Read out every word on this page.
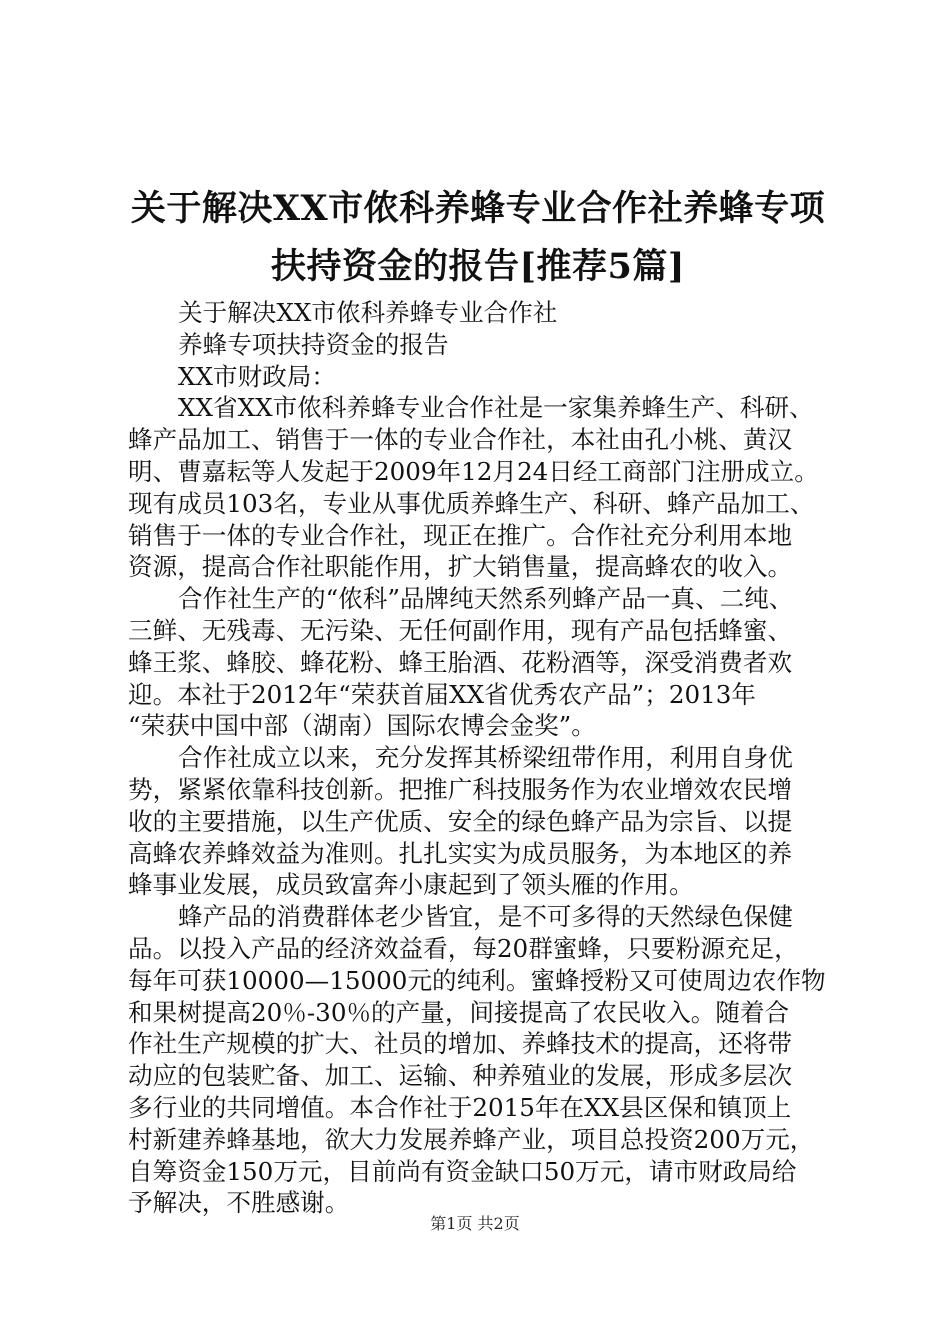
关于解决XX市侬科养蜂专业合作社养蜂专项
扶持资金的报告[推荐5篇]
关于解决XX市侬科养蜂专业合作社
养蜂专项扶持资金的报告
XX市财政局：
XX省XX市侬科养蜂专业合作社是一家集养蜂生产、科研、
蜂产品加工、销售于一体的专业合作社，本社由孔小桃、黄汉
明、曹嘉耘等人发起于2009年12月24日经工商部门注册成立。
现有成员103名，专业从事优质养蜂生产、科研、蜂产品加工、
销售于一体的专业合作社，现正在推广。合作社充分利用本地
资源，提高合作社职能作用，扩大销售量，提高蜂农的收入。
合作社生产的“侬科”品牌纯天然系列蜂产品一真、二纯、
三鲜、无残毒、无污染、无任何副作用，现有产品包括蜂蜜、
蜂王浆、蜂胶、蜂花粉、蜂王胎酒、花粉酒等，深受消费者欢
迎。本社于2012年“荣获首届XX省优秀农产品”；2013年
“荣获中国中部（湖南）国际农博会金奖”。
合作社成立以来，充分发挥其桥梁纽带作用，利用自身优
势，紧紧依靠科技创新。把推广科技服务作为农业增效农民增
收的主要措施，以生产优质、安全的绿色蜂产品为宗旨、以提
高蜂农养蜂效益为准则。扎扎实实为成员服务，为本地区的养
蜂事业发展，成员致富奔小康起到了领头雁的作用。
蜂产品的消费群体老少皆宜，是不可多得的天然绿色保健
品。以投入产品的经济效益看，每20群蜜蜂，只要粉源充足，
每年可获10000—15000元的纯利。蜜蜂授粉又可使周边农作物
和果树提高20％-30％的产量，间接提高了农民收入。随着合
作社生产规模的扩大、社员的增加、养蜂技术的提高，还将带
动应的包装贮备、加工、运输、种养殖业的发展，形成多层次
多行业的共同增值。本合作社于2015年在XX县区保和镇顶上
村新建养蜂基地，欲大力发展养蜂产业，项目总投资200万元，
自筹资金150万元，目前尚有资金缺口50万元，请市财政局给
予解决，不胜感谢。
第1页 共2页
